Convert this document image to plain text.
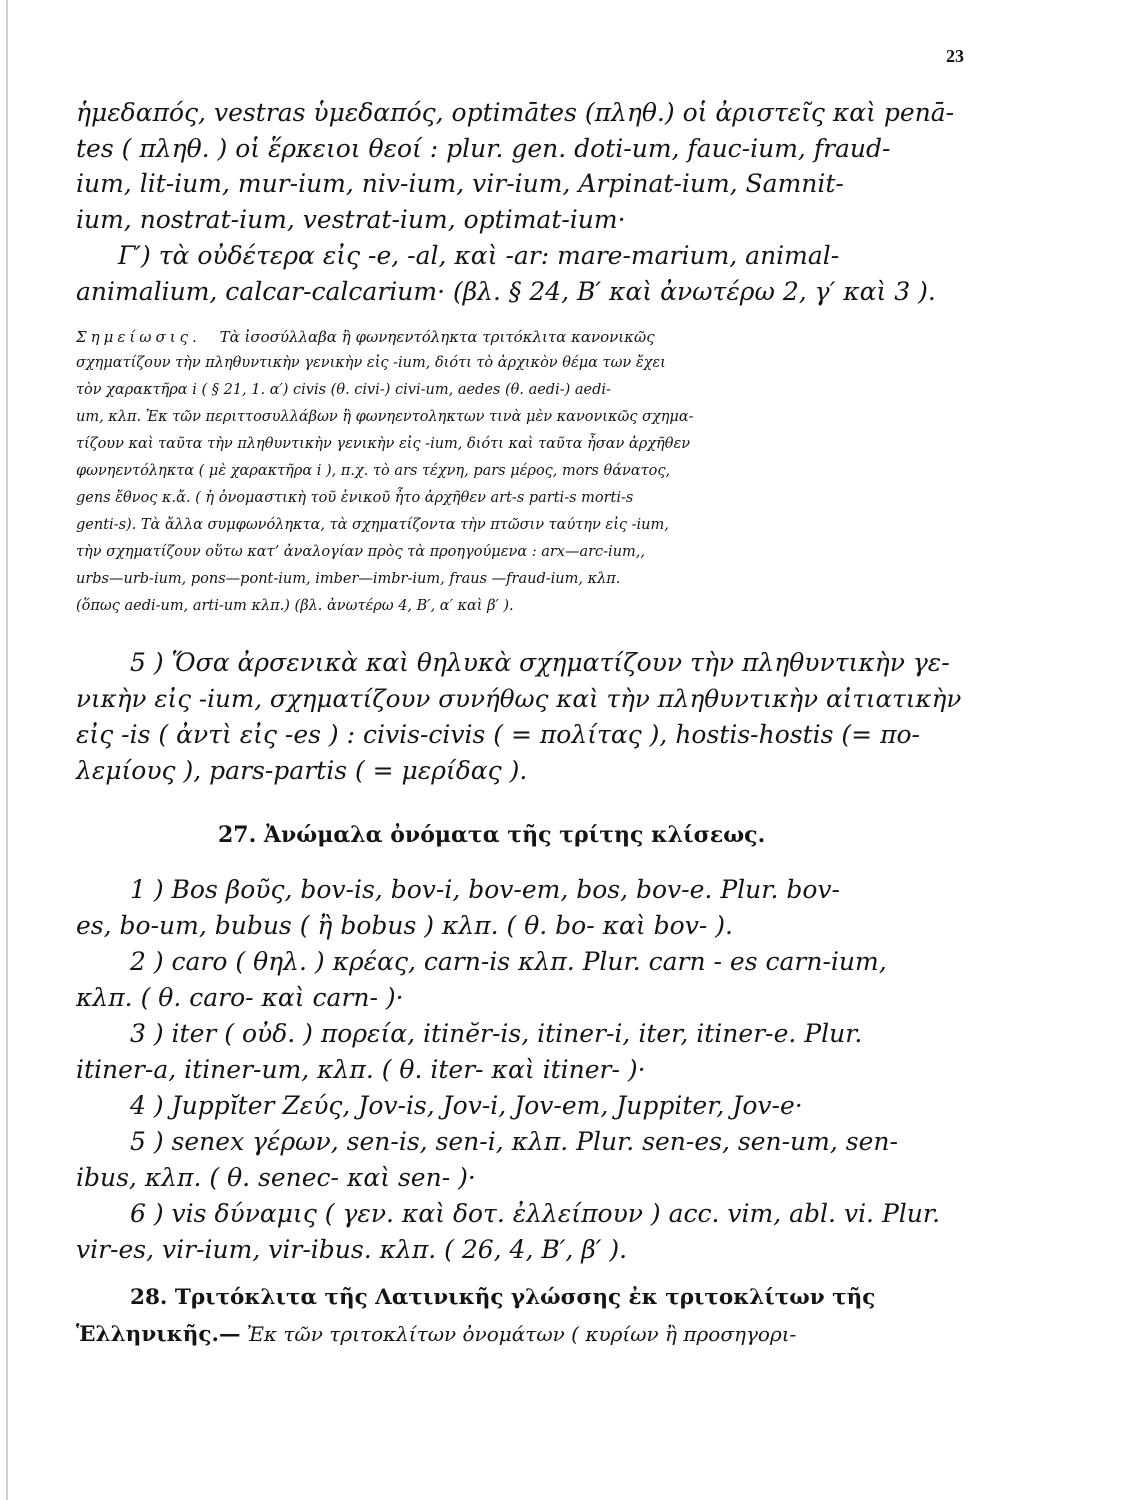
23
ἡμεδαπός, vestras ὑμεδαπός, optimātes (πληθ.) οἱ ἀριστεῖς καὶ penā-
tes ( πληθ. ) οἱ ἕρκειοι θεοί : plur. gen. doti-um, fauc-ium, fraud-
ium, lit-ium, mur-ium, niv-ium, vir-ium, Arpinat-ium, Samnit-
ium, nostrat-ium, vestrat-ium, optimat-ium·
Γ′) τὰ οὐδέτερα εἰς -e, -al, καὶ -ar: mare-marium, animal-
animalium, calcar-calcarium· (βλ. § 24, Β′ καὶ ἀνωτέρω 2, γ′ καὶ 3 ).
Σημείωσις. Τὰ ἰσοσύλλαβα ἢ φωνηεντόληκτα τριτόκλιτα κανονικῶς
σχηματίζουν τὴν πληθυντικὴν γενικὴν εἰς -ium, διότι τὸ ἀρχικὸν θέμα των ἔχει
τὸν χαρακτῆρα i ( § 21, 1. α′) civis (θ. civi-) civi-um, aedes (θ. aedi-) aedi-
um, κλπ. Ἐκ τῶν περιττοσυλλάβων ἢ φωνηεντοληκτων τινὰ μὲν κανονικῶς σχημα-
τίζουν καὶ ταῦτα τὴν πληθυντικὴν γενικὴν εἰς -ium, διότι καὶ ταῦτα ἦσαν ἀρχῆθεν
φωνηεντόληκτα ( μὲ χαρακτῆρα i ), π.χ. τὸ ars τέχνη, pars μέρος, mors θάνατος,
gens ἔθνος κ.ἄ. ( ἡ ὀνομαστικὴ τοῦ ἑνικοῦ ἦτο ἀρχῆθεν art-s parti-s morti-s
genti-s). Τὰ ἄλλα συμφωνόληκτα, τὰ σχηματίζοντα τὴν πτῶσιν ταύτην εἰς -ium,
τὴν σχηματίζουν οὕτω κατ’ ἀναλογίαν πρὸς τὰ προηγούμενα : arx—arc-ium,,
urbs—urb-ium, pons—pont-ium, imber—imbr-ium, fraus —fraud-ium, κλπ.
(ὅπως aedi-um, arti-um κλπ.) (βλ. ἀνωτέρω 4, Β′, α′ καὶ β′ ).
5 ) Ὅσα ἀρσενικὰ καὶ θηλυκὰ σχηματίζουν τὴν πληθυντικὴν γε-
νικὴν εἰς -ium, σχηματίζουν συνήθως καὶ τὴν πληθυντικὴν αἰτιατικὴν
εἰς -is ( ἀντὶ εἰς -es ) : civis-civis ( = πολίτας ), hostis-hostis (= πο-
λεμίους ), pars-partis ( = μερίδας ).
27. Ἀνώμαλα ὀνόματα τῆς τρίτης κλίσεως.
1 ) Bos βοῦς, bov-is, bov-i, bov-em, bos, bov-e. Plur. bov-
es, bo-um, bubus ( ἢ bobus ) κλπ. ( θ. bo- καὶ bov- ).
2 ) caro ( θηλ. ) κρέας, carn-is κλπ. Plur. carn - es carn-ium,
κλπ. ( θ. caro- καὶ carn- )·
3 ) iter ( οὐδ. ) πορεία, itinĕr-is, itiner-i, iter, itiner-e. Plur.
itiner-a, itiner-um, κλπ. ( θ. iter- καὶ itiner- )·
4 ) Juppĭter Ζεύς, Jov-is, Jov-i, Jov-em, Juppiter, Jov-e·
5 ) senex γέρων, sen-is, sen-i, κλπ. Plur. sen-es, sen-um, sen-
ibus, κλπ. ( θ. senec- καὶ sen- )·
6 ) vis δύναμις ( γεν. καὶ δοτ. ἐλλείπουν ) acc. vim, abl. vi. Plur.
vir-es, vir-ium, vir-ibus. κλπ. ( 26, 4, Β′, β′ ).
28. Τριτόκλιτα τῆς Λατινικῆς γλώσσης ἐκ τριτοκλίτων τῆς
Ἑλληνικῆς.— Ἐκ τῶν τριτοκλίτων ὀνομάτων ( κυρίων ἢ προσηγορι-
